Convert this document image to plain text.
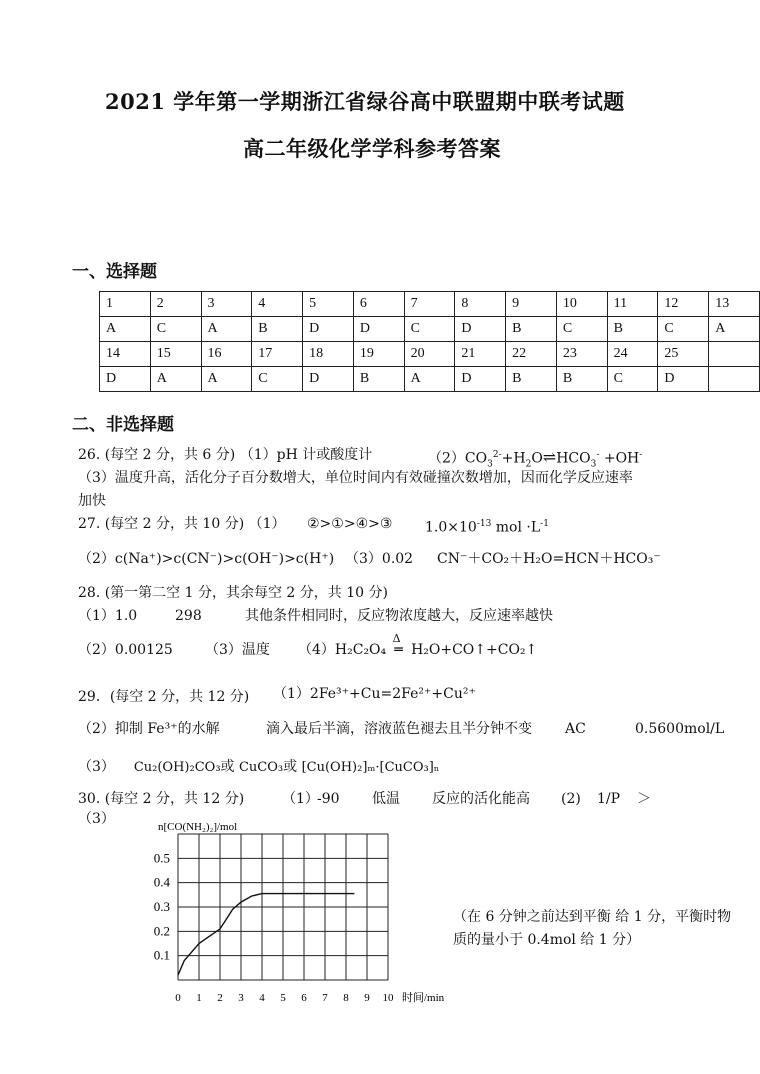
2021 学年第一学期浙江省绿谷高中联盟期中联考试题
高二年级化学学科参考答案
一、选择题
1	2	3	4	5	6	7	8	9	10	11	12	13
A	C	A	B	D	D	C	D	B	C	B	C	A
14	15	16	17	18	19	20	21	22	23	24	25	
D	A	A	C	D	B	A	D	B	B	C	D	
二、非选择题
26. (每空 2 分，共 6 分) （1）pH 计或酸度计	$(2)CO_3^{2-}+H_2O\rightleftharpoons HCO_3^- +OH^-$
（3）温度升高，活化分子百分数增大，单位时间内有效碰撞次数增加，因而化学反应速率
加快
27. (每空 2 分，共 10 分) （1） ②>①>④>③ $1.0\times 10^{-13}$ mol $\cdot L^{-1}$
（2）c(Na⁺)>c(CN⁻)>c(OH⁻)>c(H⁺) （3）0.02 CN⁻＋CO₂＋H₂O=HCN＋HCO₃⁻
28. (第一第二空 1 分，其余每空 2 分，共 10 分)
（1）1.0	298	其他条件相同时，反应物浓度越大，反应速率越快
（2）0.00125 （3）温度 （4）H₂C₂O₄
Δ
═ H₂O+CO↑+CO₂↑
29．(每空 2 分，共 12 分) （1）2Fe³⁺+Cu=2Fe²⁺+Cu²⁺
（2）抑制 Fe³⁺的水解	滴入最后半滴，溶液蓝色褪去且半分钟不变 AC	0.5600mol/L
（3） Cu₂(OH)₂CO₃或 CuCO₃或 [Cu(OH)₂]ₘ·[CuCO₃]ₙ
30. (每空 2 分，共 12 分)	（1）
-90 低温 反应的活化能高 (2) 1/P ＞
（3）
0 1 2 3 4 5 6 7 8 9 10
0.1
0.2
0.3
0.4
0.5
n[CO(NH₂)₂]/mol
时间/min
（在 6 分钟之前达到平衡 给 1 分，平衡时物质的量小于 0.4mol 给 1 分）
